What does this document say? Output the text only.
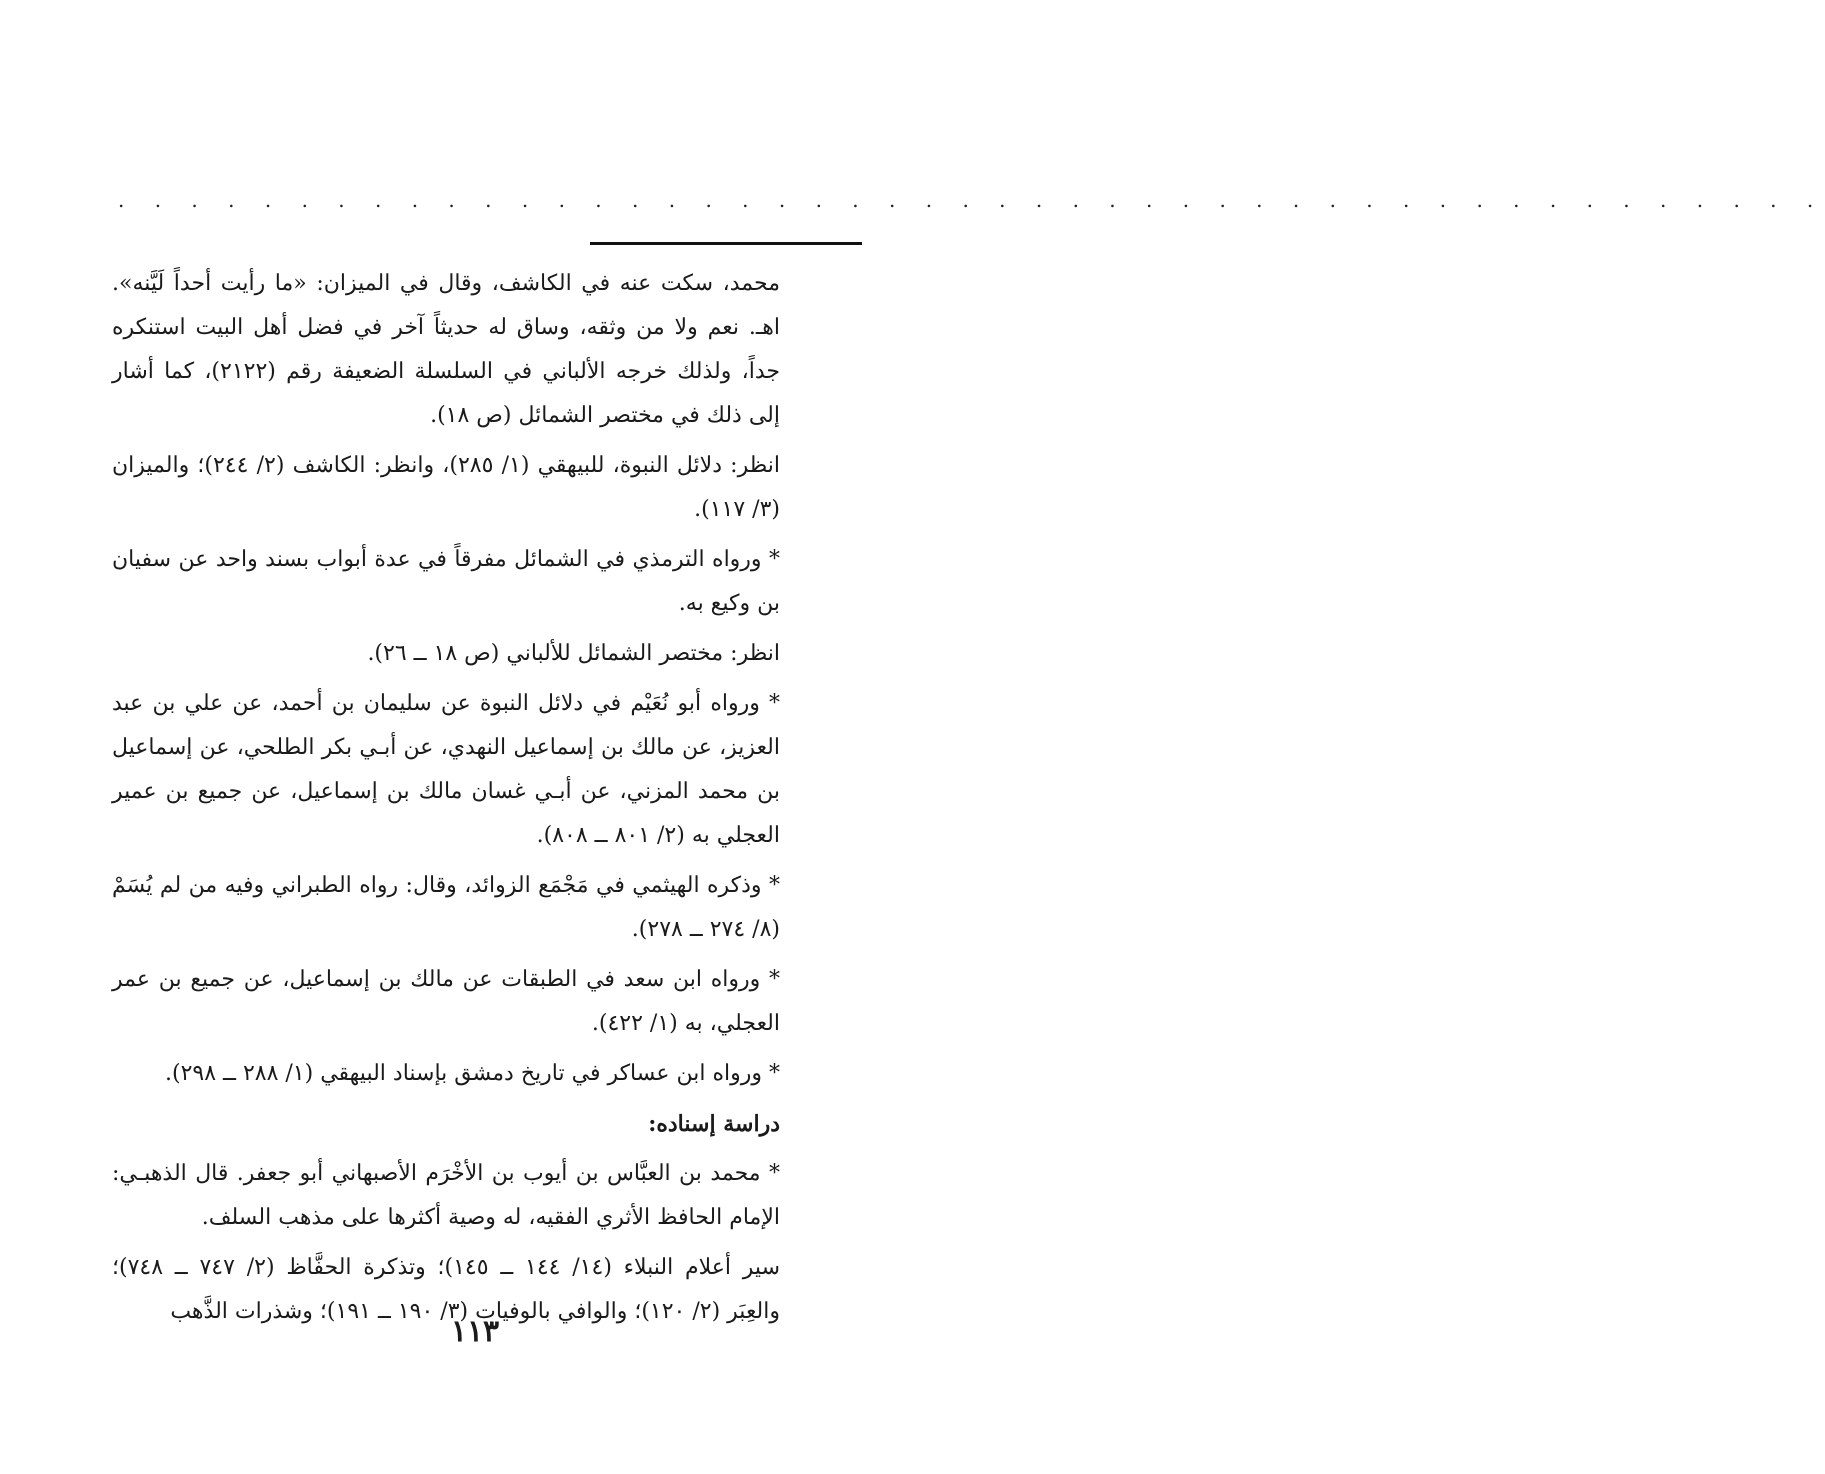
. . . . . . . . . . . . . . . . . . . . . . . . . . . . . . . . . . . . . . . . . . . . . . .

محمد، سكت عنه في الكاشف، وقال في الميزان: «ما رأيت أحداً لَيَّنه». اهـ. نعم ولا من وثقه، وساق له حديثاً آخر في فضل أهل البيت استنكره جداً، ولذلك خرجه الألباني في السلسلة الضعيفة رقم (٢١٢٢)، كما أشار إلى ذلك في مختصر الشمائل (ص ١٨).

انظر: دلائل النبوة، للبيهقي (١/ ٢٨٥)، وانظر: الكاشف (٢/ ٢٤٤)؛ والميزان (٣/ ١١٧).

* ورواه الترمذي في الشمائل مفرقاً في عدة أبواب بسند واحد عن سفيان بن وكيع به.

انظر: مختصر الشمائل للألباني (ص ١٨ ــ ٢٦).

* ورواه أبو نُعَيْم في دلائل النبوة عن سليمان بن أحمد، عن علي بن عبد العزيز، عن مالك بن إسماعيل النهدي، عن أبـي بكر الطلحي، عن إسماعيل بن محمد المزني، عن أبـي غسان مالك بن إسماعيل، عن جميع بن عمير العجلي به (٢/ ٨٠١ ــ ٨٠٨).

* وذكره الهيثمي في مَجْمَع الزوائد، وقال: رواه الطبراني وفيه من لم يُسَمْ (٨/ ٢٧٤ ــ ٢٧٨).

* ورواه ابن سعد في الطبقات عن مالك بن إسماعيل، عن جميع بن عمر العجلي، به (١/ ٤٢٢).

* ورواه ابن عساكر في تاريخ دمشق بإسناد البيهقي (١/ ٢٨٨ ــ ٢٩٨).

دراسة إسناده:

* محمد بن العبَّاس بن أيوب بن الأخْرَم الأصبهاني أبو جعفر. قال الذهبـي: الإمام الحافظ الأثري الفقيه، له وصية أكثرها على مذهب السلف.

سير أعلام النبلاء (١٤/ ١٤٤ ــ ١٤٥)؛ وتذكرة الحفَّاظ (٢/ ٧٤٧ ــ ٧٤٨)؛ والعِبَر (٢/ ١٢٠)؛ والوافي بالوفيات (٣/ ١٩٠ ــ ١٩١)؛ وشذرات الذَّهب

١١٣
